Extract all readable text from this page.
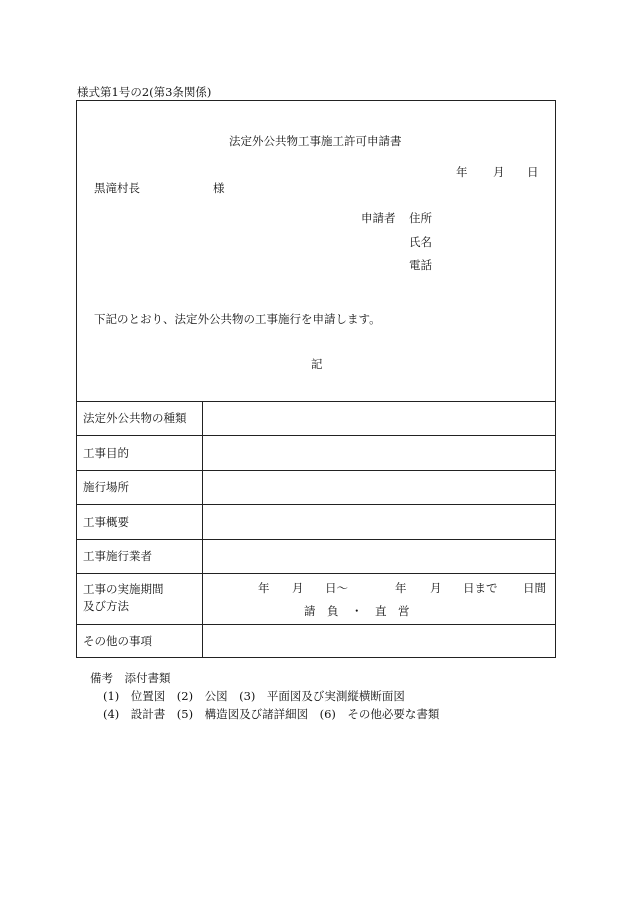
様式第1号の2(第3条関係)
法定外公共物工事施工許可申請書
年 月 日
黒滝村長	様
申請者 住所
氏名
電話
下記のとおり、法定外公共物の工事施行を申請します。
記
法定外公共物の種類
工事目的
施行場所
工事概要
工事施行業者
工事の実施期間
及び方法
年 月 日〜	年 月 日まで 日間
請　負 ・ 直　営
その他の事項
備考　添付書類
(1)　位置図　(2)　公図　(3)　平面図及び実測縦横断面図
(4)　設計書　(5)　構造図及び諸詳細図　(6)　その他必要な書類
